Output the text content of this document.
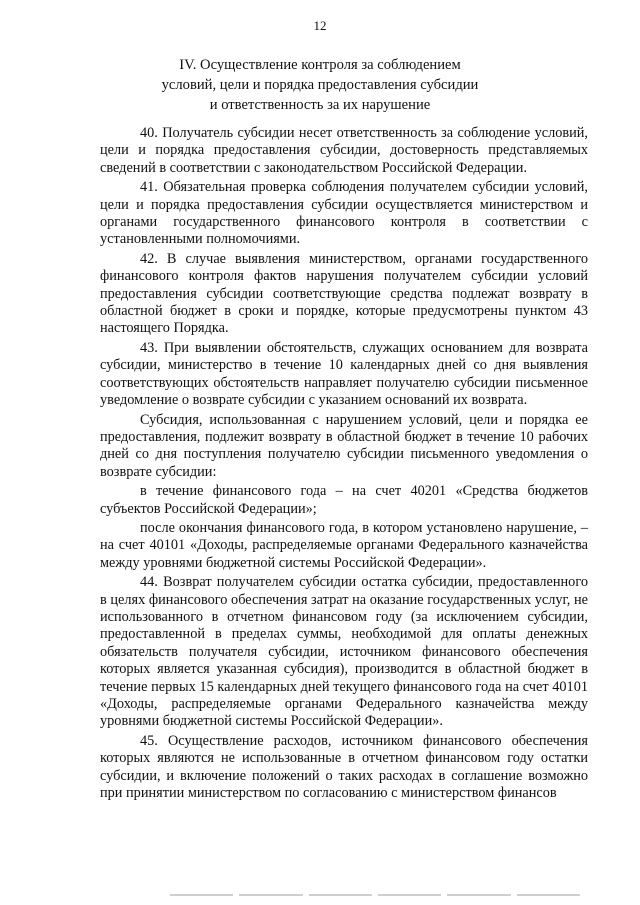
12
IV. Осуществление контроля за соблюдением
условий, цели и порядка предоставления субсидии
и ответственность за их нарушение

40. Получатель субсидии несет ответственность за соблюдение условий, цели и порядка предоставления субсидии, достоверность представляемых сведений в соответствии с законодательством Российской Федерации.

41. Обязательная проверка соблюдения получателем субсидии условий, цели и порядка предоставления субсидии осуществляется министерством и органами государственного финансового контроля в соответствии с установленными полномочиями.

42. В случае выявления министерством, органами государственного финансового контроля фактов нарушения получателем субсидии условий предоставления субсидии соответствующие средства подлежат возврату в областной бюджет в сроки и порядке, которые предусмотрены пунктом 43 настоящего Порядка.

43. При выявлении обстоятельств, служащих основанием для возврата субсидии, министерство в течение 10 календарных дней со дня выявления соответствующих обстоятельств направляет получателю субсидии письменное уведомление о возврате субсидии с указанием оснований их возврата.

Субсидия, использованная с нарушением условий, цели и порядка ее предоставления, подлежит возврату в областной бюджет в течение 10 рабочих дней со дня поступления получателю субсидии письменного уведомления о возврате субсидии:

в течение финансового года – на счет 40201 «Средства бюджетов субъектов Российской Федерации»;

после окончания финансового года, в котором установлено нарушение, – на счет 40101 «Доходы, распределяемые органами Федерального казначейства между уровнями бюджетной системы Российской Федерации».

44. Возврат получателем субсидии остатка субсидии, предоставленного в целях финансового обеспечения затрат на оказание государственных услуг, не использованного в отчетном финансовом году (за исключением субсидии, предоставленной в пределах суммы, необходимой для оплаты денежных обязательств получателя субсидии, источником финансового обеспечения которых является указанная субсидия), производится в областной бюджет в течение первых 15 календарных дней текущего финансового года на счет 40101 «Доходы, распределяемые органами Федерального казначейства между уровнями бюджетной системы Российской Федерации».

45. Осуществление расходов, источником финансового обеспечения которых являются не использованные в отчетном финансовом году остатки субсидии, и включение положений о таких расходах в соглашение возможно при принятии министерством по согласованию с министерством финансов
